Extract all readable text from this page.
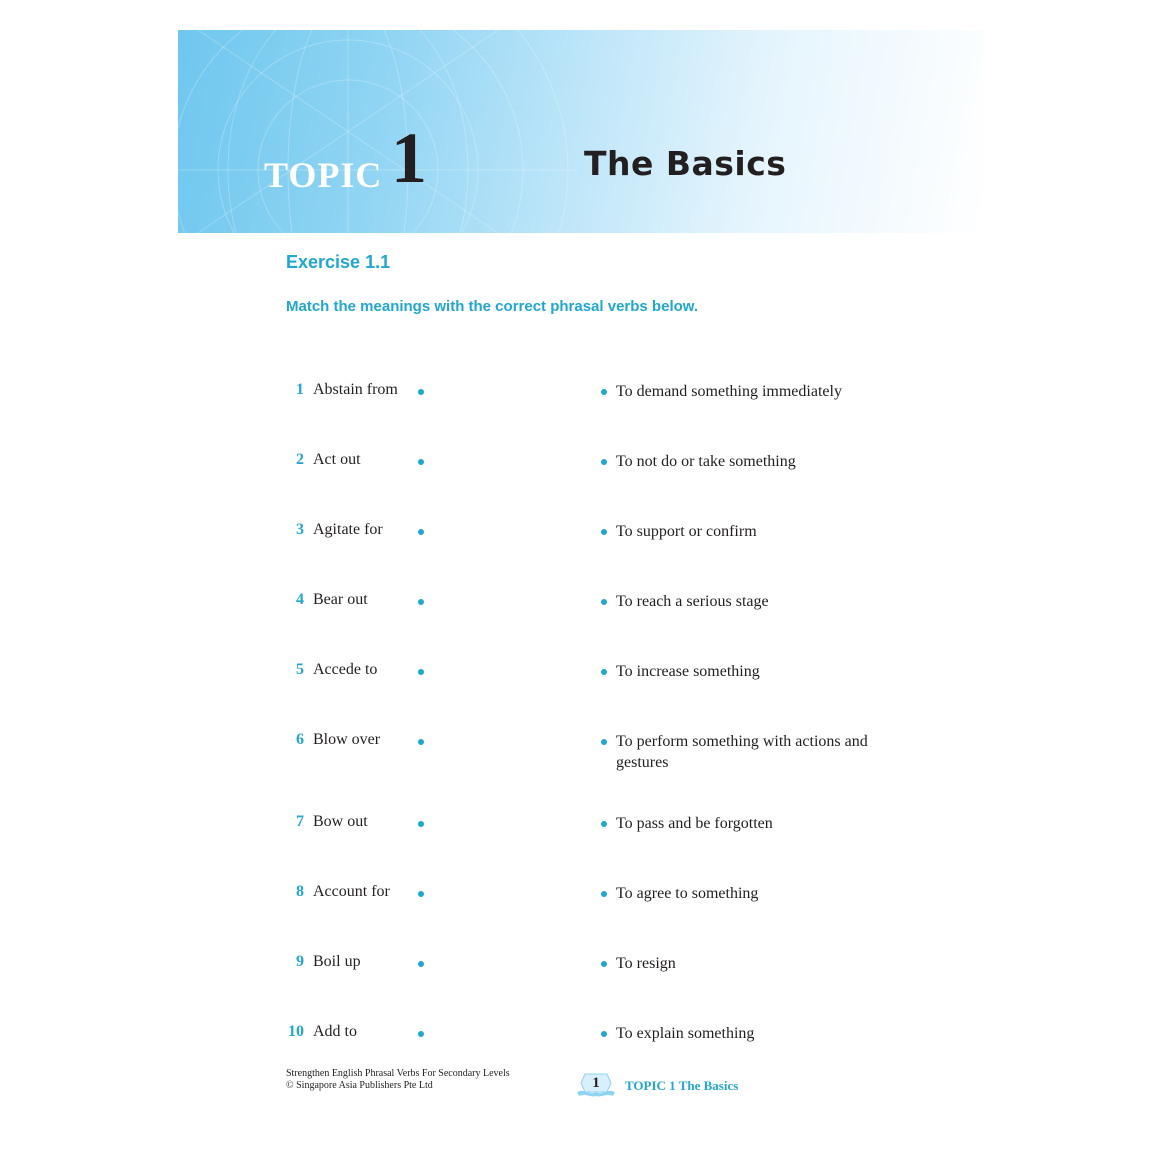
TOPIC 1	The Basics
Exercise 1.1
Match the meanings with the correct phrasal verbs below.
1 Abstain from	To demand something immediately
2 Act out	To not do or take something
3 Agitate for	To support or confirm
4 Bear out	To reach a serious stage
5 Accede to	To increase something
6 Blow over	To perform something with actions and gestures
7 Bow out	To pass and be forgotten
8 Account for	To agree to something
9 Boil up	To resign
10 Add to	To explain something
Strengthen English Phrasal Verbs For Secondary Levels
© Singapore Asia Publishers Pte Ltd	1	TOPIC 1 The Basics
